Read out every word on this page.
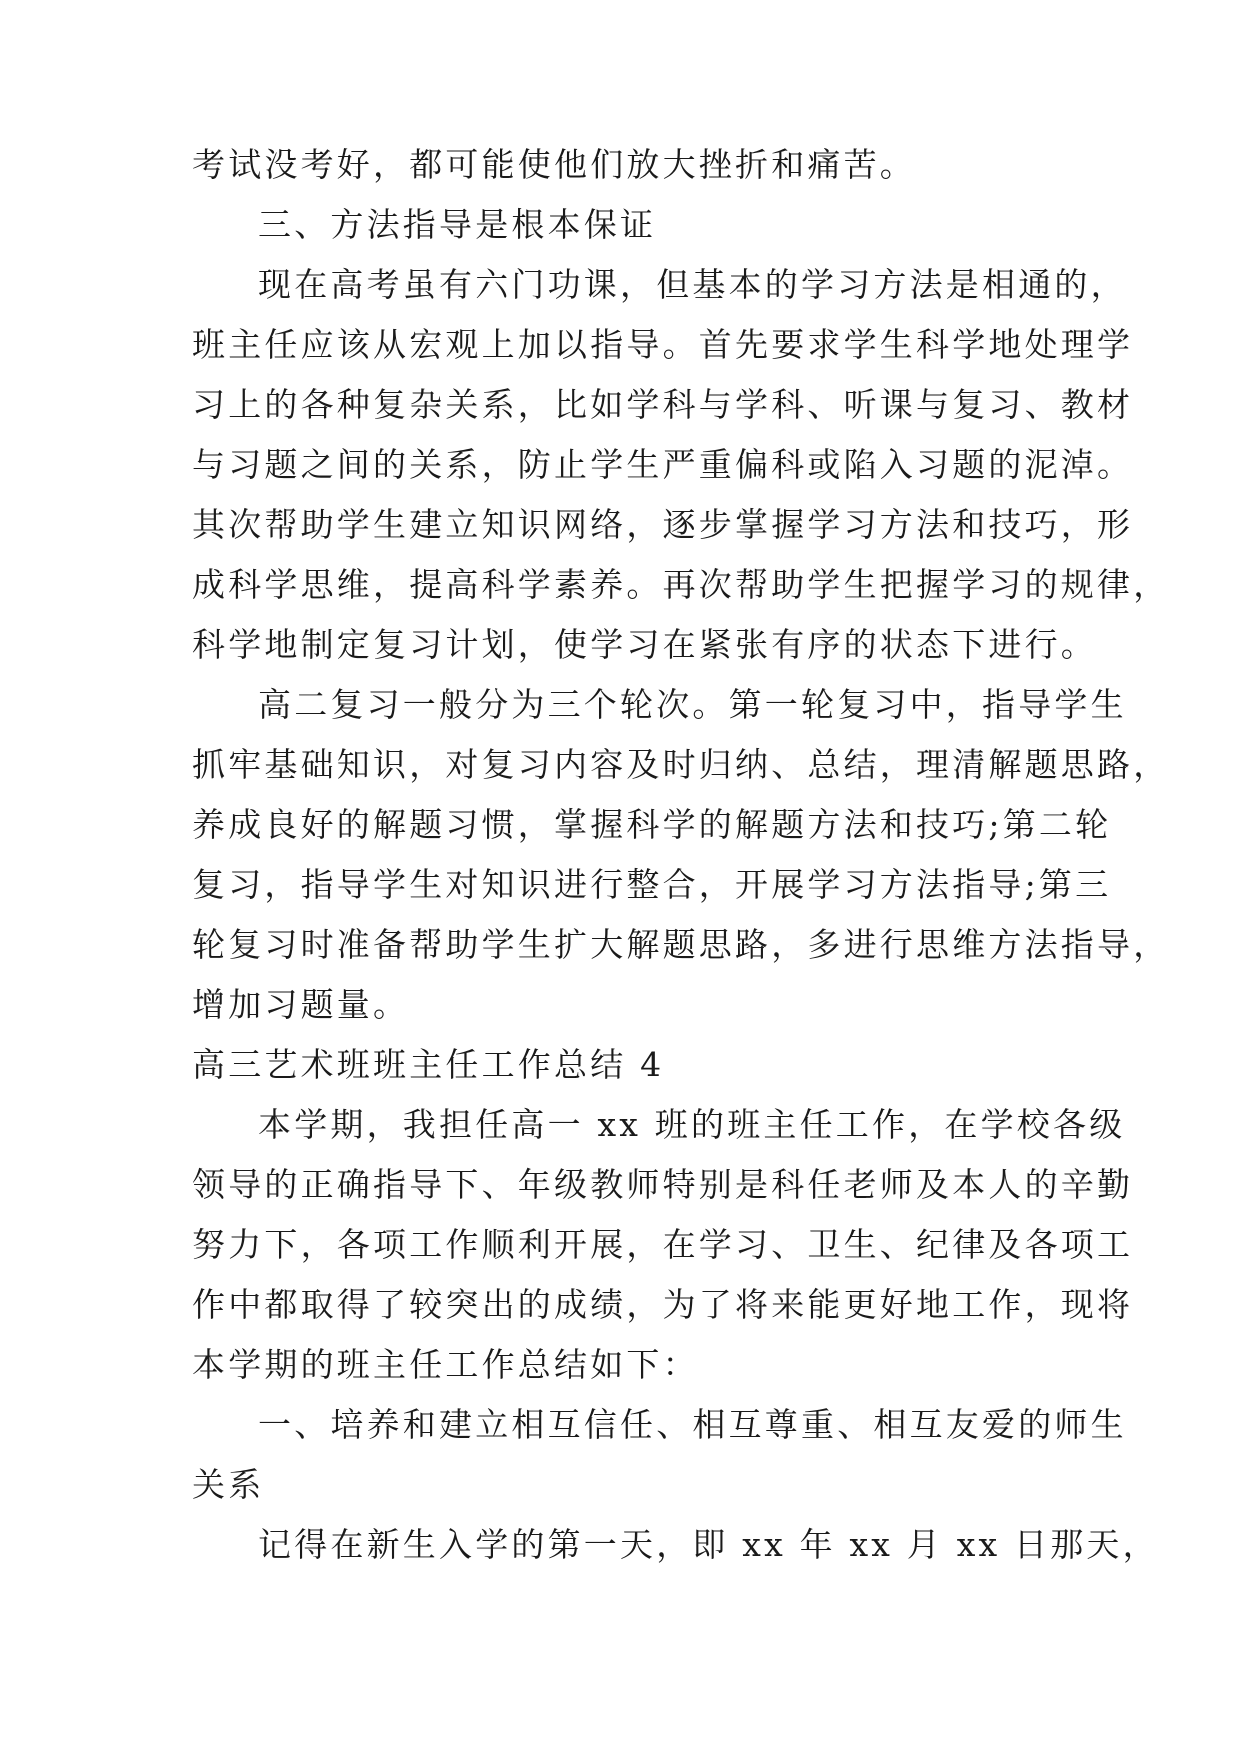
考试没考好，都可能使他们放大挫折和痛苦。
三、方法指导是根本保证
现在高考虽有六门功课，但基本的学习方法是相通的，
班主任应该从宏观上加以指导。首先要求学生科学地处理学
习上的各种复杂关系，比如学科与学科、听课与复习、教材
与习题之间的关系，防止学生严重偏科或陷入习题的泥淖。
其次帮助学生建立知识网络，逐步掌握学习方法和技巧，形
成科学思维，提高科学素养。再次帮助学生把握学习的规律，
科学地制定复习计划，使学习在紧张有序的状态下进行。
高二复习一般分为三个轮次。第一轮复习中，指导学生
抓牢基础知识，对复习内容及时归纳、总结，理清解题思路，
养成良好的解题习惯，掌握科学的解题方法和技巧;第二轮
复习，指导学生对知识进行整合，开展学习方法指导;第三
轮复习时准备帮助学生扩大解题思路，多进行思维方法指导，
增加习题量。
高三艺术班班主任工作总结 4
本学期，我担任高一 xx 班的班主任工作，在学校各级
领导的正确指导下、年级教师特别是科任老师及本人的辛勤
努力下，各项工作顺利开展，在学习、卫生、纪律及各项工
作中都取得了较突出的成绩，为了将来能更好地工作，现将
本学期的班主任工作总结如下：
一、培养和建立相互信任、相互尊重、相互友爱的师生
关系
记得在新生入学的第一天，即 xx 年 xx 月 xx 日那天，
